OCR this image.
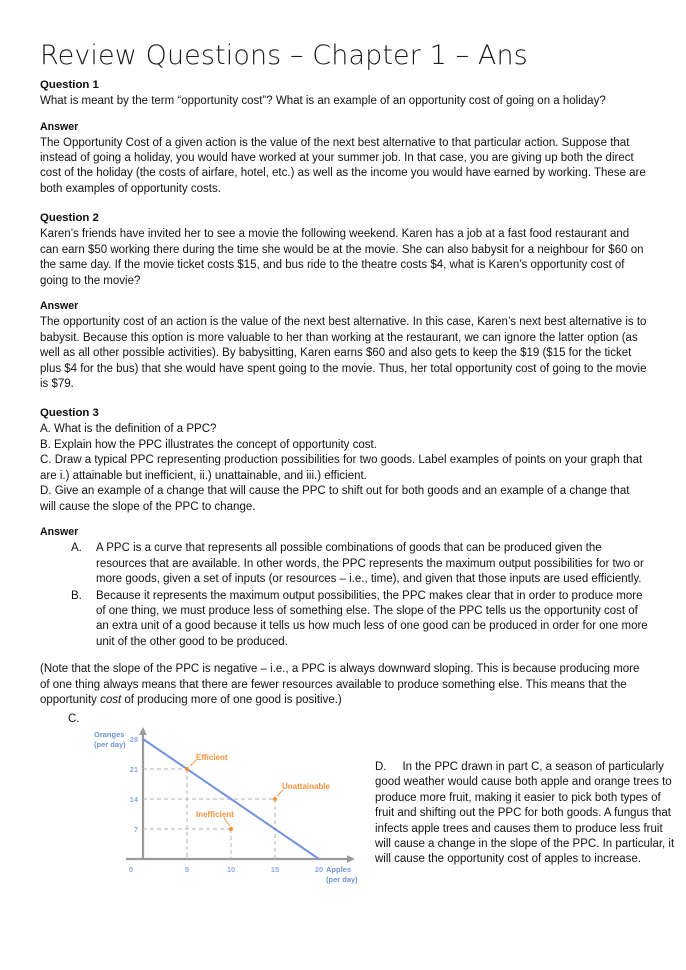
Review Questions – Chapter 1 – Ans
Question 1

What is meant by the term “opportunity cost”? What is an example of an opportunity cost of going on a holiday?

Answer

The Opportunity Cost of a given action is the value of the next best alternative to that particular action. Suppose that instead of going a holiday, you would have worked at your summer job. In that case, you are giving up both the direct cost of the holiday (the costs of airfare, hotel, etc.) as well as the income you would have earned by working. These are both examples of opportunity costs.

Question 2

Karen’s friends have invited her to see a movie the following weekend. Karen has a job at a fast food restaurant and can earn $50 working there during the time she would be at the movie. She can also babysit for a neighbour for $60 on the same day. If the movie ticket costs $15, and bus ride to the theatre costs $4, what is Karen’s opportunity cost of going to the movie?

Answer

The opportunity cost of an action is the value of the next best alternative. In this case, Karen’s next best alternative is to babysit. Because this option is more valuable to her than working at the restaurant, we can ignore the latter option (as well as all other possible activities). By babysitting, Karen earns $60 and also gets to keep the $19 ($15 for the ticket plus $4 for the bus) that she would have spent going to the movie. Thus, her total opportunity cost of going to the movie is $79.

Question 3

A. What is the definition of a PPC?

B. Explain how the PPC illustrates the concept of opportunity cost.

C. Draw a typical PPC representing production possibilities for two goods. Label examples of points on your graph that are i.) attainable but inefficient, ii.) unattainable, and iii.) efficient.

D. Give an example of a change that will cause the PPC to shift out for both goods and an example of a change that will cause the slope of the PPC to change.

Answer
A.	A PPC is a curve that represents all possible combinations of goods that can be produced given the resources that are available. In other words, the PPC represents the maximum output possibilities for two or more goods, given a set of inputs (or resources – i.e., time), and given that those inputs are used efficiently.
B.	Because it represents the maximum output possibilities, the PPC makes clear that in order to produce more of one thing, we must produce less of something else. The slope of the PPC tells us the opportunity cost of an extra unit of a good because it tells us how much less of one good can be produced in order for one more unit of the other good to be produced.

(Note that the slope of the PPC is negative – i.e., a PPC is always downward sloping. This is because producing more of one thing always means that there are fewer resources available to produce something else. This means that the opportunity cost of producing more of one good is positive.)

C.
28
21
14
7
0	5	10	15	20
Oranges
(per day)
Apples
(per day)
Efficient
Inefficient
Unattainable
D. In the PPC drawn in part C, a season of particularly good weather would cause both apple and orange trees to produce more fruit, making it easier to pick both types of fruit and shifting out the PPC for both goods. A fungus that infects apple trees and causes them to produce less fruit will cause a change in the slope of the PPC. In particular, it will cause the opportunity cost of apples to increase.
